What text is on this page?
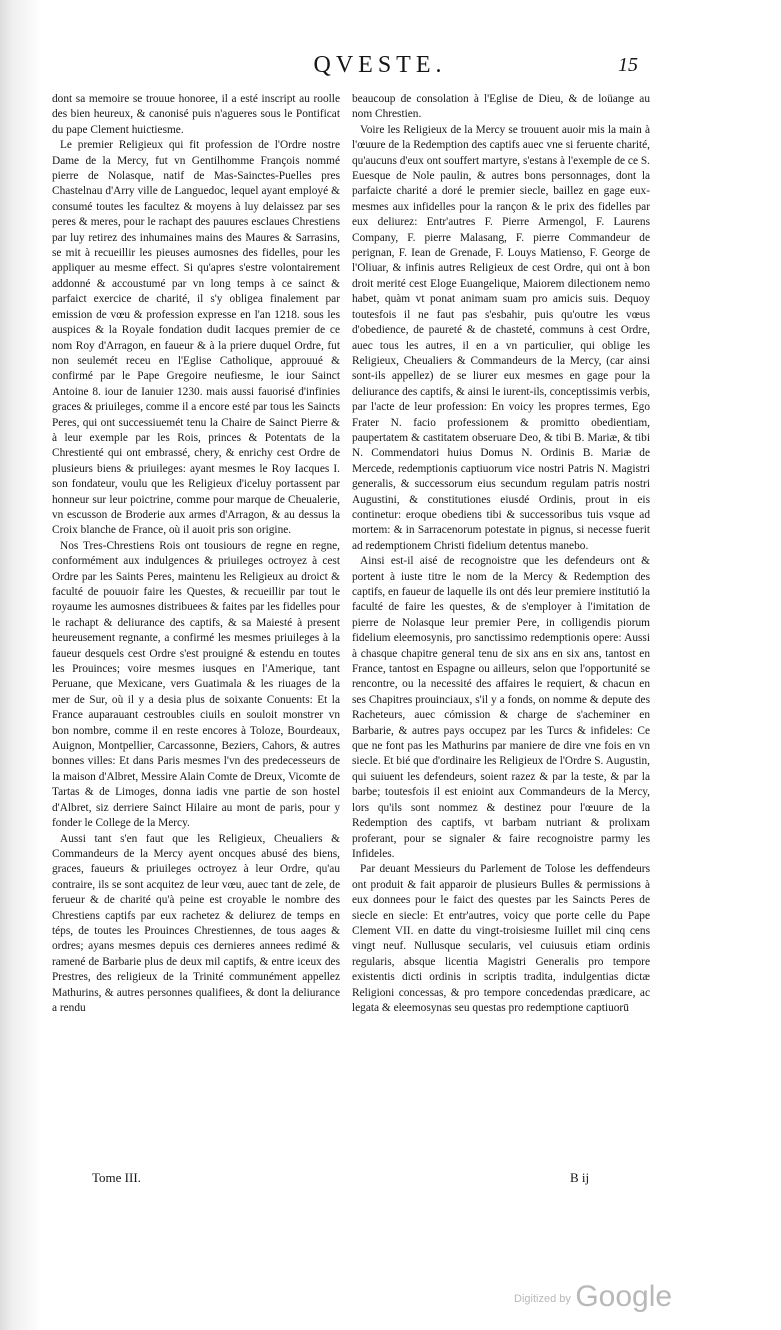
QVESTE.	15

dont sa memoire se trouue honoree, il a esté inscript au roolle des bien heureux, & canonisé puis n'agueres sous le Pontificat du pape Clement huictiesme.

Le premier Religieux qui fit profession de l'Ordre nostre Dame de la Mercy, fut vn Gentilhomme François nommé pierre de Nolasque, natif de Mas-Sainctes-Puelles pres Chastelnau d'Arry ville de Languedoc, lequel ayant employé & consumé toutes les facultez & moyens à luy delaissez par ses peres & meres, pour le rachapt des pauures esclaues Chrestiens par luy retirez des inhumaines mains des Maures & Sarrasins, se mit à recueillir les pieuses aumosnes des fidelles, pour les appliquer au mesme effect. Si qu'apres s'estre volontairement addonné & accoustumé par vn long temps à ce sainct & parfaict exercice de charité, il s'y obligea finalement par emission de vœu & profession expresse en l'an 1218. sous les auspices & la Royale fondation dudit Iacques premier de ce nom Roy d'Arragon, en faueur & à la priere duquel Ordre, fut non seulemét receu en l'Eglise Catholique, approuué & confirmé par le Pape Gregoire neufiesme, le iour Sainct Antoine 8. iour de Ianuier 1230. mais aussi fauorisé d'infinies graces & priuileges, comme il a encore esté par tous les Saincts Peres, qui ont successiuemét tenu la Chaire de Sainct Pierre & à leur exemple par les Rois, princes & Potentats de la Chrestienté qui ont embrassé, chery, & enrichy cest Ordre de plusieurs biens & priuileges: ayant mesmes le Roy Iacques I. son fondateur, voulu que les Religieux d'iceluy portassent par honneur sur leur poictrine, comme pour marque de Cheualerie, vn escusson de Broderie aux armes d'Arragon, & au dessus la Croix blanche de France, où il auoit pris son origine.

Nos Tres-Chrestiens Rois ont tousiours de regne en regne, conformément aux indulgences & priuileges octroyez à cest Ordre par les Saints Peres, maintenu les Religieux au droict & faculté de pouuoir faire les Questes, & recueillir par tout le royaume les aumosnes distribuees & faites par les fidelles pour le rachapt & deliurance des captifs, & sa Maiesté à present heureusement regnante, a confirmé les mesmes priuileges à la faueur desquels cest Ordre s'est prouigné & estendu en toutes les Prouinces; voire mesmes iusques en l'Amerique, tant Peruane, que Mexicane, vers Guatimala & les riuages de la mer de Sur, où il y a desia plus de soixante Conuents: Et la France auparauant cestroubles ciuils en souloit monstrer vn bon nombre, comme il en reste encores à Toloze, Bourdeaux, Auignon, Montpellier, Carcassonne, Beziers, Cahors, & autres bonnes villes: Et dans Paris mesmes l'vn des predecesseurs de la maison d'Albret, Messire Alain Comte de Dreux, Vicomte de Tartas & de Limoges, donna iadis vne partie de son hostel d'Albret, siz derriere Sainct Hilaire au mont de paris, pour y fonder le College de la Mercy.

Aussi tant s'en faut que les Religieux, Cheualiers & Commandeurs de la Mercy ayent oncques abusé des biens, graces, faueurs & priuileges octroyez à leur Ordre, qu'au contraire, ils se sont acquitez de leur vœu, auec tant de zele, de ferueur & de charité qu'à peine est croyable le nombre des Chrestiens captifs par eux rachetez & deliurez de temps en téps, de toutes les Prouinces Chrestiennes, de tous aages & ordres; ayans mesmes depuis ces dernieres annees redimé & ramené de Barbarie plus de deux mil captifs, & entre iceux des Prestres, des religieux de la Trinité communément appellez Mathurins, & autres personnes qualifiees, & dont la deliurance a rendu

beaucoup de consolation à l'Eglise de Dieu, & de loüange au nom Chrestien.

Voire les Religieux de la Mercy se trouuent auoir mis la main à l'œuure de la Redemption des captifs auec vne si feruente charité, qu'aucuns d'eux ont souffert martyre, s'estans à l'exemple de ce S. Euesque de Nole paulin, & autres bons personnages, dont la parfaicte charité a doré le premier siecle, baillez en gage eux-mesmes aux infidelles pour la rançon & le prix des fidelles par eux deliurez: Entr'autres F. Pierre Armengol, F. Laurens Company, F. pierre Malasang, F. pierre Commandeur de perignan, F. Iean de Grenade, F. Louys Matienso, F. George de l'Oliuar, & infinis autres Religieux de cest Ordre, qui ont à bon droit merité cest Eloge Euangelique, Maiorem dilectionem nemo habet, quàm vt ponat animam suam pro amicis suis. Dequoy toutesfois il ne faut pas s'esbahir, puis qu'outre les vœus d'obedience, de paureté & de chasteté, communs à cest Ordre, auec tous les autres, il en a vn particulier, qui oblige les Religieux, Cheualiers & Commandeurs de la Mercy, (car ainsi sont-ils appellez) de se liurer eux mesmes en gage pour la deliurance des captifs, & ainsi le iurent-ils, conceptissimis verbis, par l'acte de leur profession: En voicy les propres termes, Ego Frater N. facio professionem & promitto obedientiam, paupertatem & castitatem obseruare Deo, & tibi B. Mariæ, & tibi N. Commendatori huius Domus N. Ordinis B. Mariæ de Mercede, redemptionis captiuorum vice nostri Patris N. Magistri generalis, & successorum eius secundum regulam patris nostri Augustini, & constitutiones eiusdé Ordinis, prout in eis continetur: eroque obediens tibi & successoribus tuis vsque ad mortem: & in Sarracenorum potestate in pignus, si necesse fuerit ad redemptionem Christi fidelium detentus manebo.

Ainsi est-il aisé de recognoistre que les defendeurs ont & portent à iuste titre le nom de la Mercy & Redemption des captifs, en faueur de laquelle ils ont dés leur premiere institutió la faculté de faire les questes, & de s'employer à l'imitation de pierre de Nolasque leur premier Pere, in colligendis piorum fidelium eleemosynis, pro sanctissimo redemptionis opere: Aussi à chasque chapitre general tenu de six ans en six ans, tantost en France, tantost en Espagne ou ailleurs, selon que l'opportunité se rencontre, ou la necessité des affaires le requiert, & chacun en ses Chapitres prouinciaux, s'il y a fonds, on nomme & depute des Racheteurs, auec cómission & charge de s'acheminer en Barbarie, & autres pays occupez par les Turcs & infideles: Ce que ne font pas les Mathurins par maniere de dire vne fois en vn siecle. Et bié que d'ordinaire les Religieux de l'Ordre S. Augustin, qui suiuent les defendeurs, soient razez & par la teste, & par la barbe; toutesfois il est enioint aux Commandeurs de la Mercy, lors qu'ils sont nommez & destinez pour l'œuure de la Redemption des captifs, vt barbam nutriant & prolixam proferant, pour se signaler & faire recognoistre parmy les Infideles.

Par deuant Messieurs du Parlement de Tolose les deffendeurs ont produit & fait apparoir de plusieurs Bulles & permissions à eux donnees pour le faict des questes par les Saincts Peres de siecle en siecle: Et entr'autres, voicy que porte celle du Pape Clement VII. en datte du vingt-troisiesme Iuillet mil cinq cens vingt neuf. Nullusque secularis, vel cuiusuis etiam ordinis regularis, absque licentia Magistri Generalis pro tempore existentis dicti ordinis in scriptis tradita, indulgentias dictæ Religioni concessas, & pro tempore concedendas prædicare, ac legata & eleemosynas seu questas pro redemptione captiuorū

Tome III.	B ij
$^{Digitized by}$ Google
